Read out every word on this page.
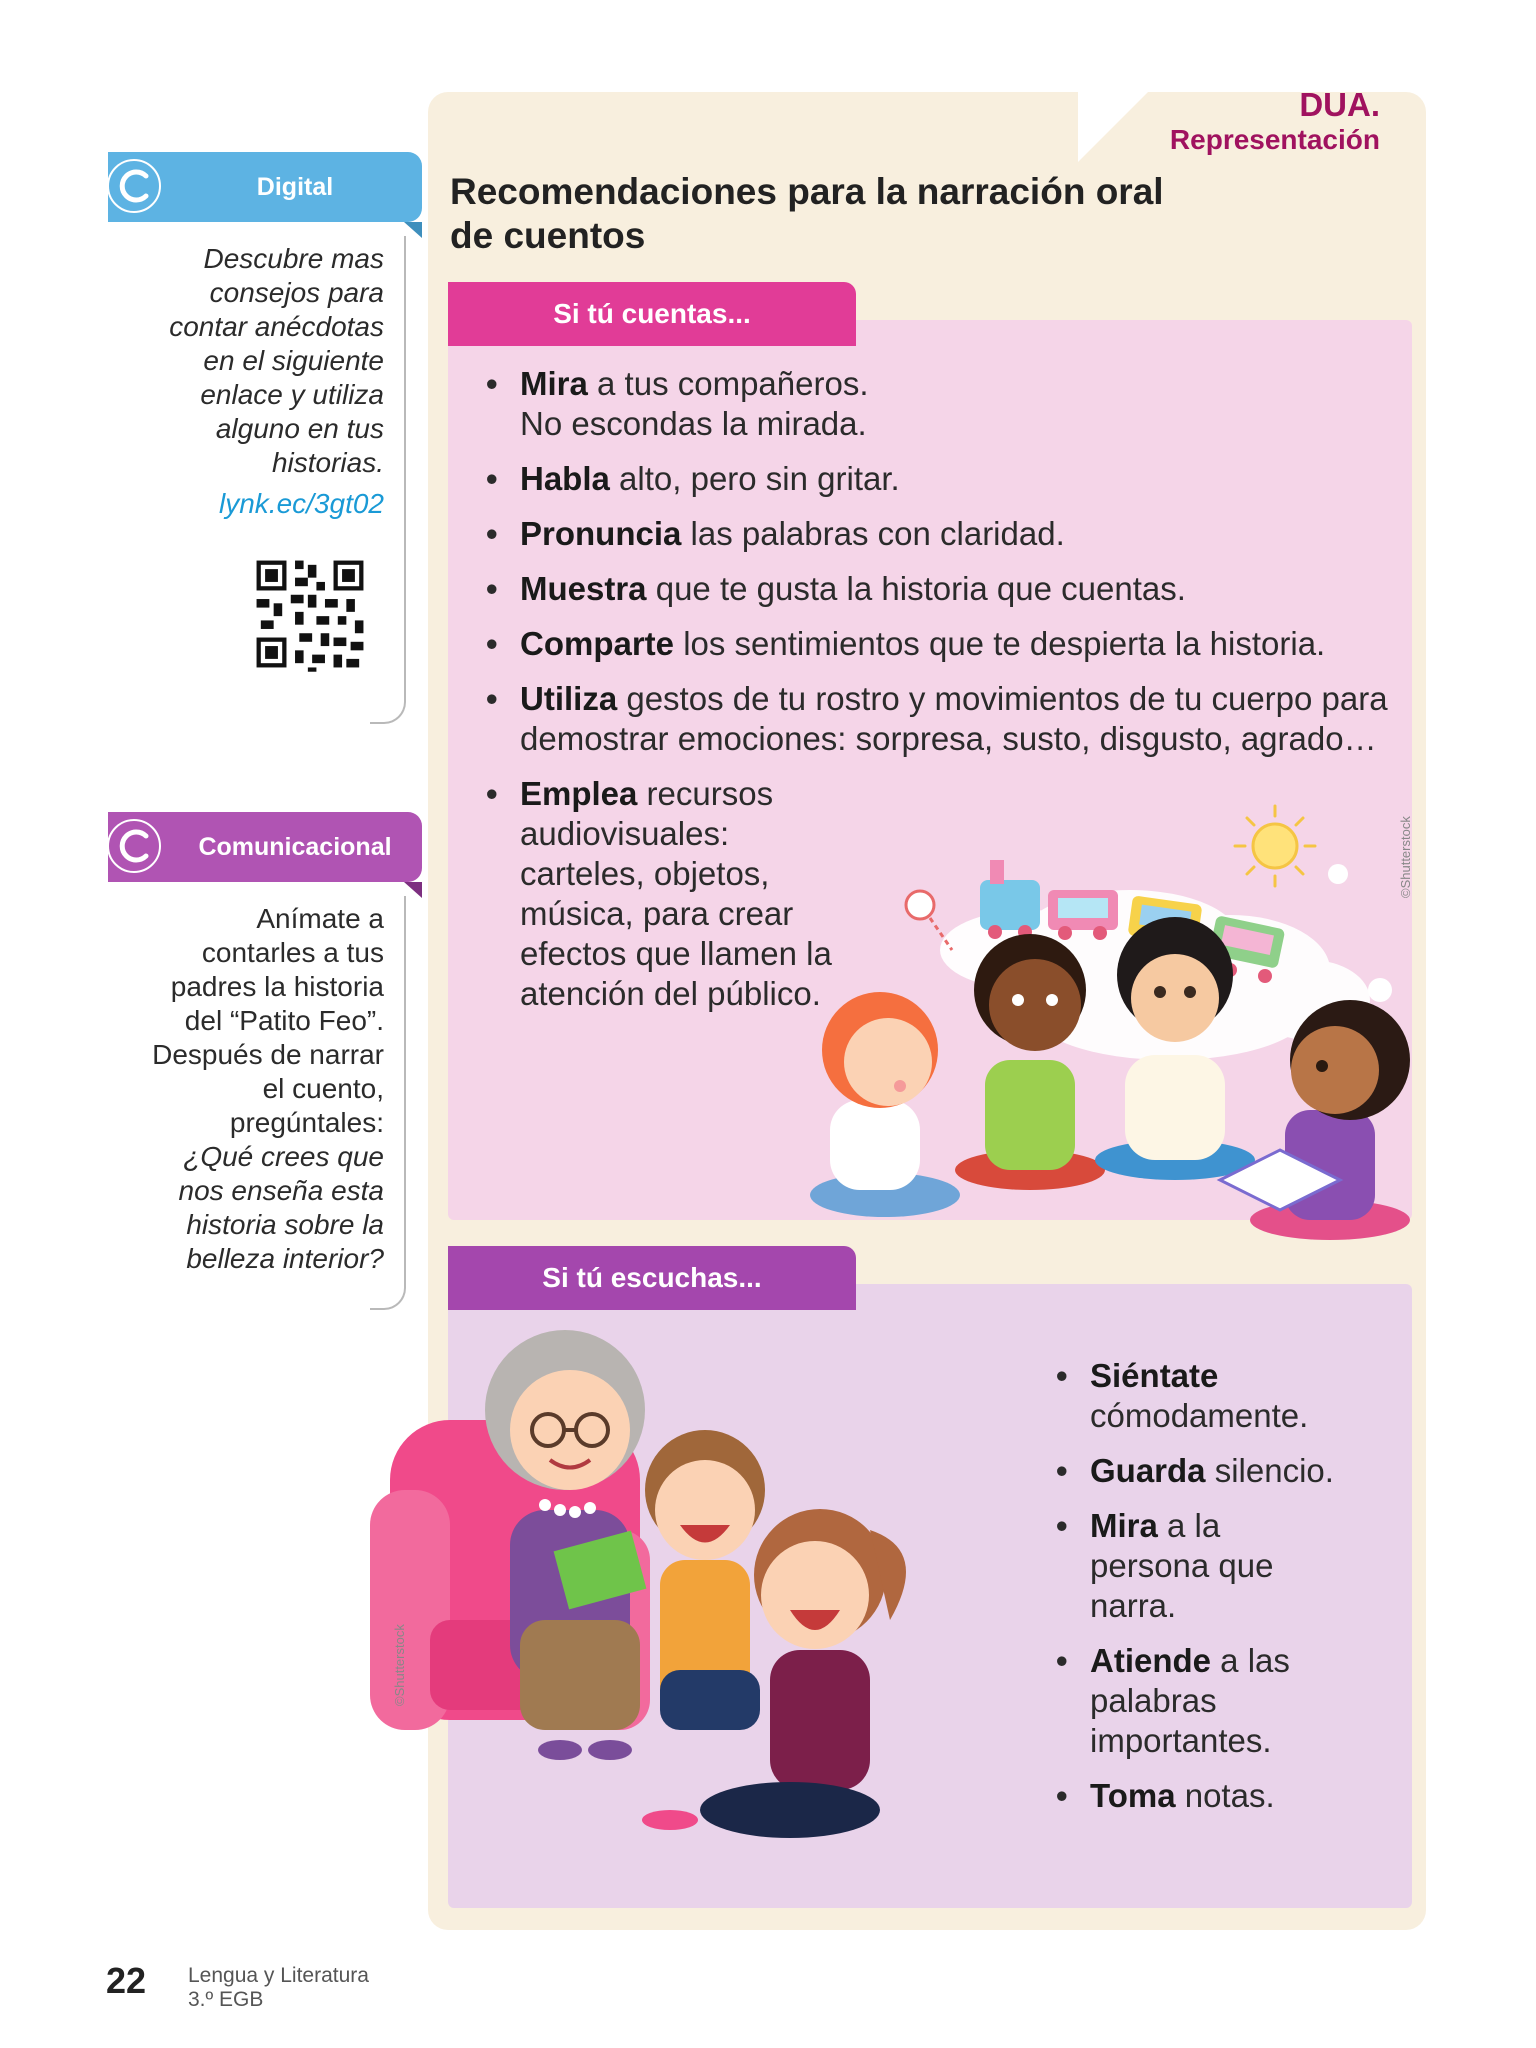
Digital
Descubre mas
consejos para
contar anécdotas
en el siguiente
enlace y utiliza
alguno en tus
historias.
lynk.ec/3gt02
Comunicacional
Anímate a
contarles a tus
padres la historia
del “Patito Feo”.
Después de narrar
el cuento,
pregúntales:
¿Qué crees que
nos enseña esta
historia sobre la
belleza interior?
DUA.
Representación
Recomendaciones para la narración oral
de cuentos
Si tú cuentas...
• Mira a tus compañeros.
No escondas la mirada.
• Habla alto, pero sin gritar.
• Pronuncia las palabras con claridad.
• Muestra que te gusta la historia que cuentas.
• Comparte los sentimientos que te despierta la historia.
• Utiliza gestos de tu rostro y movimientos de tu cuerpo para demostrar emociones: sorpresa, susto, disgusto, agrado…
• Emplea recursos audiovisuales: carteles, objetos, música, para crear efectos que llamen la atención del público.
©Shutterstock
Si tú escuchas...
©Shutterstock
• Siéntate cómodamente.
• Guarda silencio.
• Mira a la persona que narra.
• Atiende a las palabras importantes.
• Toma notas.
22 Lengua y Literatura
3.º EGB
